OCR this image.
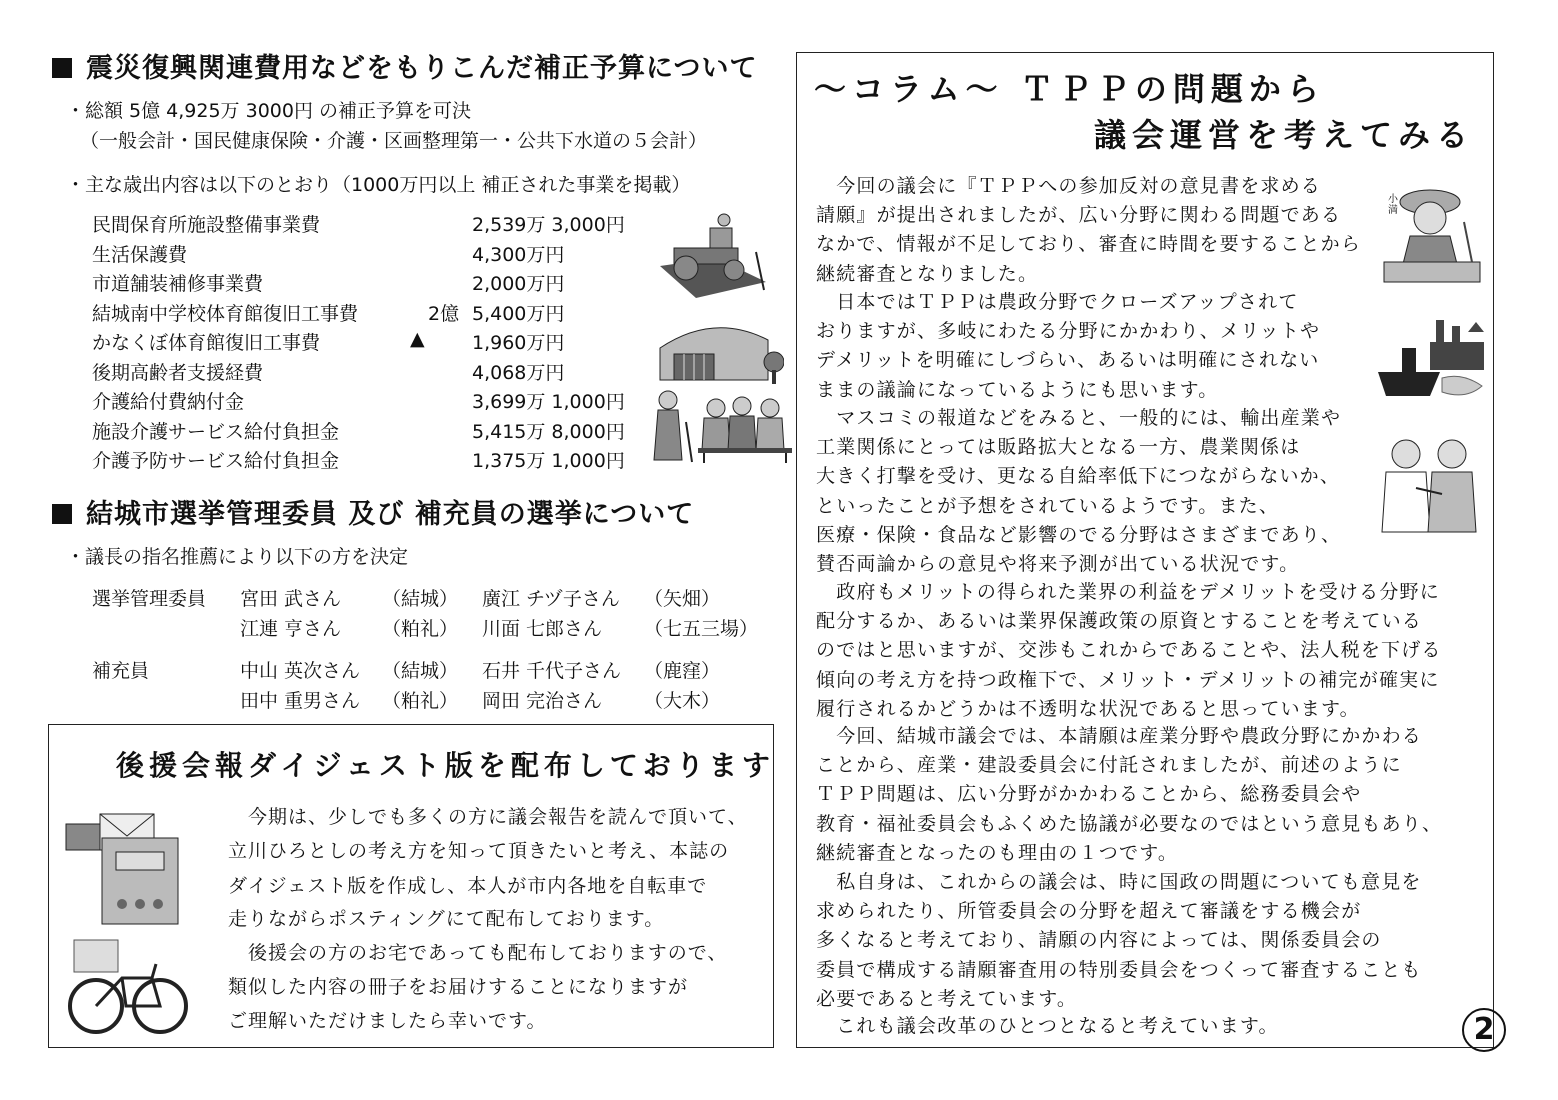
震災復興関連費用などをもりこんだ補正予算について
・総額 5億 4,925万 3000円 の補正予算を可決
（一般会計・国民健康保険・介護・区画整理第一・公共下水道の５会計）
・主な歳出内容は以下のとおり（1000万円以上 補正された事業を掲載）
民間保育所施設整備事業費	2,539万 3,000円
生活保護費	4,300万円
市道舗装補修事業費	2,000万円
結城南中学校体育館復旧工事費	2億 5,400万円
かなくぼ体育館復旧工事費	▲ 1,960万円
後期高齢者支援経費	4,068万円
介護給付費納付金	3,699万 1,000円
施設介護サービス給付負担金	5,415万 8,000円
介護予防サービス給付負担金	1,375万 1,000円
結城市選挙管理委員 及び 補充員の選挙について
・議長の指名推薦により以下の方を決定
選挙管理委員 宮田 武さん （結城） 廣江 チヅ子さん （矢畑）
江連 亨さん （粕礼） 川面 七郎さん （七五三場）
補充員	中山 英次さん （結城） 石井 千代子さん （鹿窪）
田中 重男さん （粕礼） 岡田 完治さん （大木）
後援会報ダイジェスト版を配布しております
　今期は、少しでも多くの方に議会報告を読んで頂いて、
立川ひろとしの考え方を知って頂きたいと考え、本誌の
ダイジェスト版を作成し、本人が市内各地を自転車で
走りながらポスティングにて配布しております。
　後援会の方のお宅であっても配布しておりますので、
類似した内容の冊子をお届けすることになりますが
ご理解いただけましたら幸いです。
～コラム～ ＴＰＰの問題から
議会運営を考えてみる
小満

　今回の議会に『ＴＰＰへの参加反対の意見書を求める

請願』が提出されましたが、広い分野に関わる問題である

なかで、情報が不足しており、審査に時間を要することから

継続審査となりました。

　日本ではＴＰＰは農政分野でクローズアップされて

おりますが、多岐にわたる分野にかかわり、メリットや

デメリットを明確にしづらい、あるいは明確にされない

ままの議論になっているようにも思います。

　マスコミの報道などをみると、一般的には、輸出産業や

工業関係にとっては販路拡大となる一方、農業関係は

大きく打撃を受け、更なる自給率低下につながらないか、

といったことが予想をされているようです。また、

医療・保険・食品など影響のでる分野はさまざまであり、

賛否両論からの意見や将来予測が出ている状況です。

　政府もメリットの得られた業界の利益をデメリットを受ける分野に

配分するか、あるいは業界保護政策の原資とすることを考えている

のではと思いますが、交渉もこれからであることや、法人税を下げる

傾向の考え方を持つ政権下で、メリット・デメリットの補完が確実に

履行されるかどうかは不透明な状況であると思っています。

　今回、結城市議会では、本請願は産業分野や農政分野にかかわる

ことから、産業・建設委員会に付託されましたが、前述のように

ＴＰＰ問題は、広い分野がかかわることから、総務委員会や

教育・福祉委員会もふくめた協議が必要なのではという意見もあり、

継続審査となったのも理由の１つです。

　私自身は、これからの議会は、時に国政の問題についても意見を

求められたり、所管委員会の分野を超えて審議をする機会が

多くなると考えており、請願の内容によっては、関係委員会の

委員で構成する請願審査用の特別委員会をつくって審査することも

必要であると考えています。

　これも議会改革のひとつとなると考えています。	2
